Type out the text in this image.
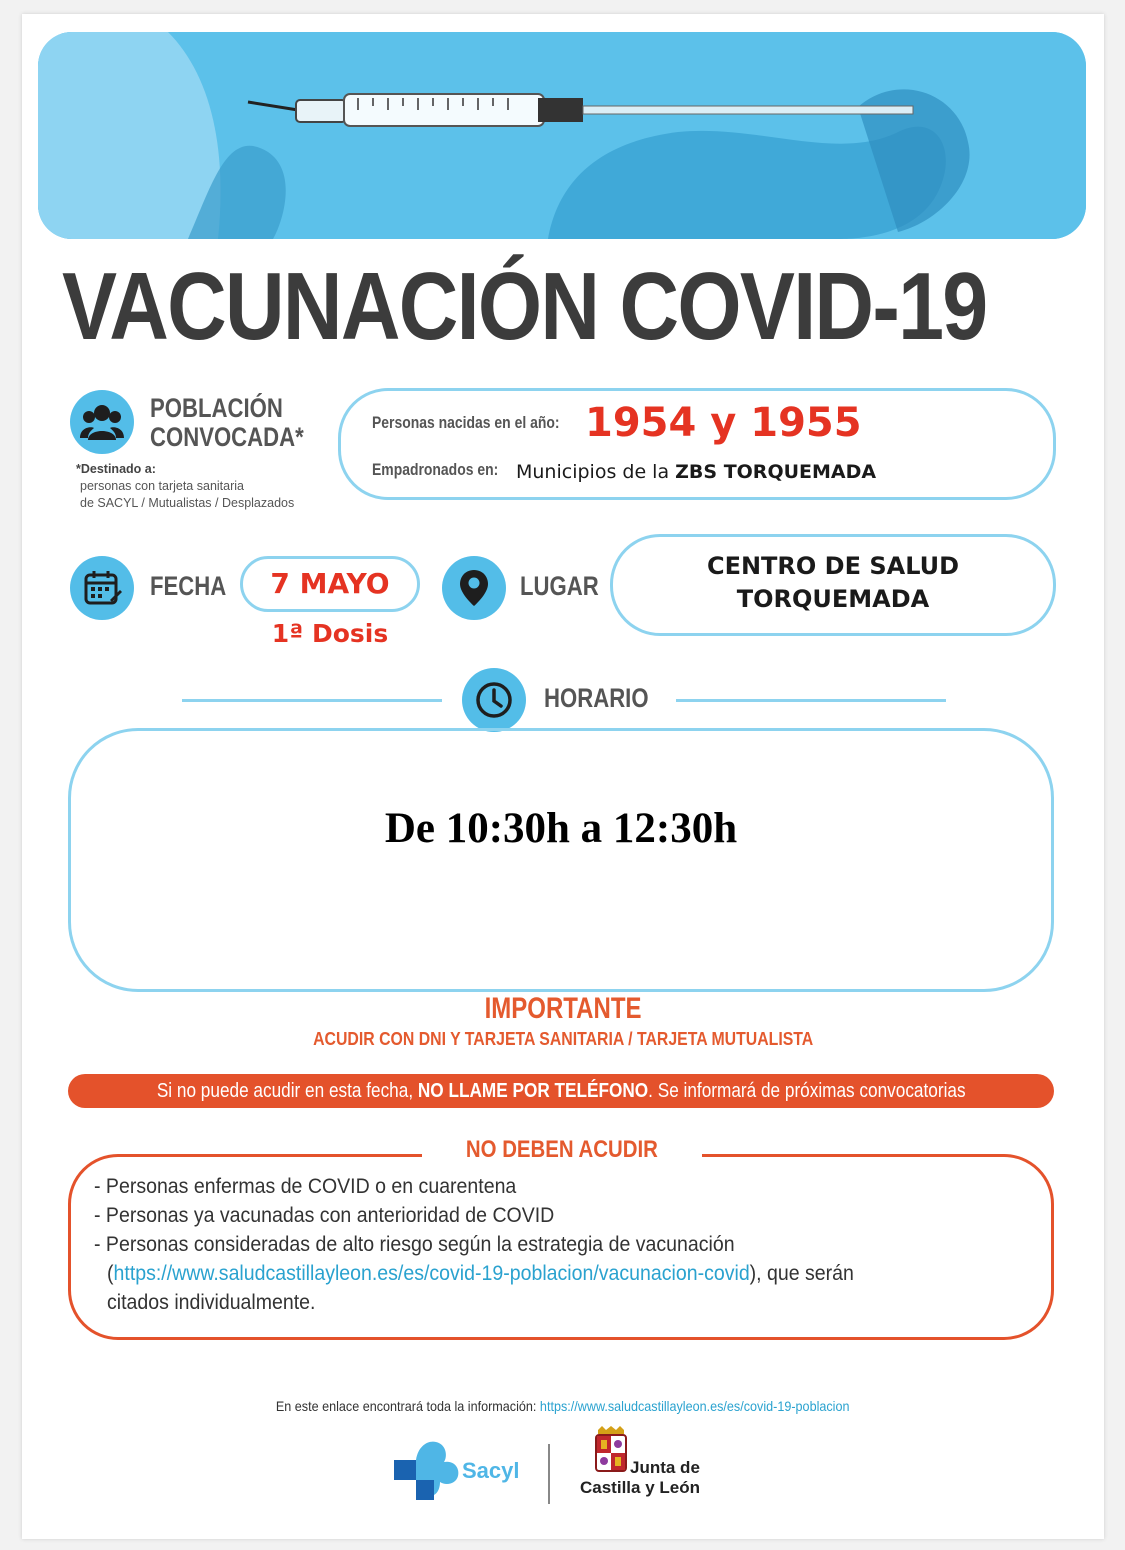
VACUNACIÓN COVID-19
POBLACIÓN
CONVOCADA*
*Destinado a:
personas con tarjeta sanitaria
de SACYL / Mutualistas / Desplazados
Personas nacidas en el año: 1954 y 1955
Empadronados en: Municipios de la ZBS TORQUEMADA
FECHA	7 MAYO
1ª Dosis
LUGAR
CENTRO DE SALUD
TORQUEMADA
HORARIO
De 10:30h a 12:30h
IMPORTANTE
ACUDIR CON DNI Y TARJETA SANITARIA / TARJETA MUTUALISTA
Si no puede acudir en esta fecha, NO LLAME POR TELÉFONO. Se informará de próximas convocatorias
NO DEBEN ACUDIR
- Personas enfermas de COVID o en cuarentena
- Personas ya vacunadas con anterioridad de COVID
- Personas consideradas de alto riesgo según la estrategia de vacunación
(https://www.saludcastillayleon.es/es/covid-19-poblacion/vacunacion-covid), que serán
citados individualmente.
En este enlace encontrará toda la información: https://www.saludcastillayleon.es/es/covid-19-poblacion
Sacyl	Junta de
Castilla y León
